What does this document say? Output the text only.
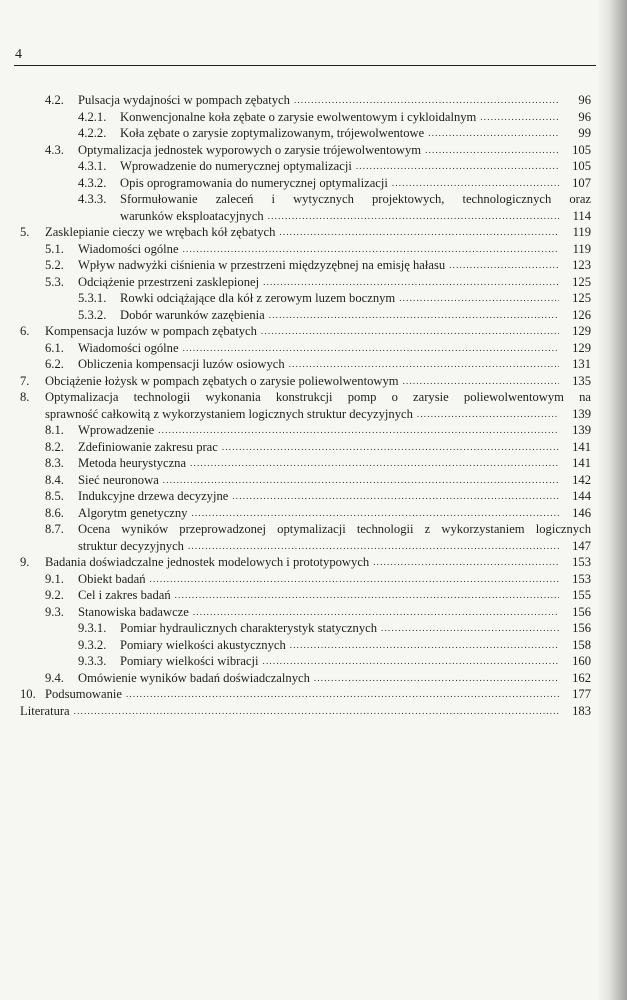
4
4.2. Pulsacja wydajności w pompach zębatych .....	96
4.2.1. Konwencjonalne koła zębate o zarysie ewolwentowym i cykloidalnym .....	96
4.2.2. Koła zębate o zarysie zoptymalizowanym, trójewolwentowe .....	99
4.3. Optymalizacja jednostek wyporowych o zarysie trójewolwentowym .....	105
4.3.1. Wprowadzenie do numerycznej optymalizacji .....	105
4.3.2. Opis oprogramowania do numerycznej optymalizacji .....	107
4.3.3. Sformułowanie zaleceń i wytycznych projektowych, technologicznych oraz
warunków eksploatacyjnych .....	114
5. Zasklepianie cieczy we wrębach kół zębatych .....	119
5.1. Wiadomości ogólne .....	119
5.2. Wpływ nadwyżki ciśnienia w przestrzeni międzyzębnej na emisję hałasu .....	123
5.3. Odciążenie przestrzeni zasklepionej .....	125
5.3.1. Rowki odciążające dla kół z zerowym luzem bocznym .....	125
5.3.2. Dobór warunków zazębienia .....	126
6. Kompensacja luzów w pompach zębatych .....	129
6.1. Wiadomości ogólne .....	129
6.2. Obliczenia kompensacji luzów osiowych .....	131
7. Obciążenie łożysk w pompach zębatych o zarysie poliewolwentowym .....	135
8. Optymalizacja technologii wykonania konstrukcji pomp o zarysie poliewolwentowym na
sprawność całkowitą z wykorzystaniem logicznych struktur decyzyjnych .....	139
8.1. Wprowadzenie .....	139
8.2. Zdefiniowanie zakresu prac .....	141
8.3. Metoda heurystyczna .....	141
8.4. Sieć neuronowa .....	142
8.5. Indukcyjne drzewa decyzyjne .....	144
8.6. Algorytm genetyczny .....	146
8.7. Ocena wyników przeprowadzonej optymalizacji technologii z wykorzystaniem logicznych
struktur decyzyjnych .....	147
9. Badania doświadczalne jednostek modelowych i prototypowych .....	153
9.1. Obiekt badań .....	153
9.2. Cel i zakres badań .....	155
9.3. Stanowiska badawcze .....	156
9.3.1. Pomiar hydraulicznych charakterystyk statycznych .....	156
9.3.2. Pomiary wielkości akustycznych .....	158
9.3.3. Pomiary wielkości wibracji .....	160
9.4. Omówienie wyników badań doświadczalnych .....	162
10. Podsumowanie .....	177
Literatura .....	183
